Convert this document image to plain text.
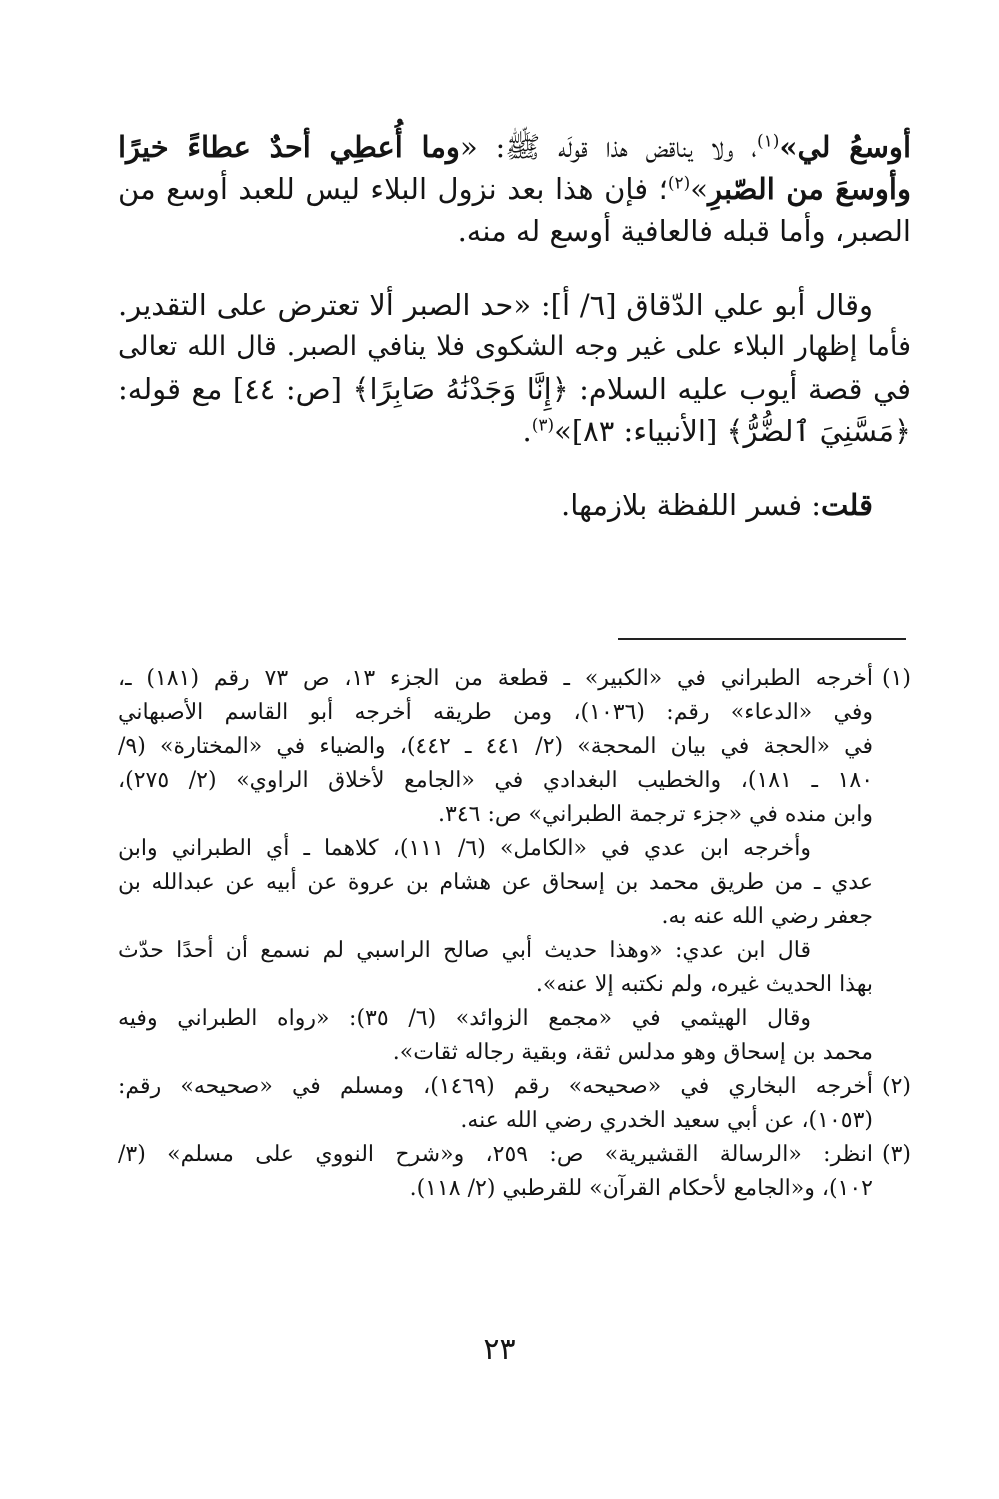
أوسعُ لي»$^{(١)}$، ولا يناقض هذا قولَه ﷺ: «وما أُعطِي أحدٌ عطاءً خيرًا
وأوسعَ من الصّبرِ»$^{(٢)}$؛ فإن هذا بعد نزول البلاء ليس للعبد أوسع من
الصبر، وأما قبله فالعافية أوسع له منه.
وقال أبو علي الدّقاق [٦/ أ]: «حد الصبر ألا تعترض على التقدير.
فأما إظهار البلاء على غير وجه الشكوى فلا ينافي الصبر. قال الله تعالى
في قصة أيوب عليه السلام: ﴿إِنَّا وَجَدْنَٰهُ صَابِرًا﴾ [ص: ٤٤] مع قوله:
﴿مَسَّنِيَ ٱلضُّرُّ﴾ [الأنبياء: ٨٣]»$^{(٣)}$.
قلت: فسر اللفظة بلازمها.
(١)
أخرجه الطبراني في «الكبير» ـ قطعة من الجزء ١٣، ص ٧٣ رقم (١٨١) ـ،
وفي «الدعاء» رقم: (١٠٣٦)، ومن طريقه أخرجه أبو القاسم الأصبهاني
في «الحجة في بيان المحجة» (٢/ ٤٤١ ـ ٤٤٢)، والضياء في «المختارة» (٩/
١٨٠ ـ ١٨١)، والخطيب البغدادي في «الجامع لأخلاق الراوي» (٢/ ٢٧٥)،
وابن منده في «جزء ترجمة الطبراني» ص: ٣٤٦.
وأخرجه ابن عدي في «الكامل» (٦/ ١١١)، كلاهما ـ أي الطبراني وابن
عدي ـ من طريق محمد بن إسحاق عن هشام بن عروة عن أبيه عن عبدالله بن
جعفر رضي الله عنه به.
قال ابن عدي: «وهذا حديث أبي صالح الراسبي لم نسمع أن أحدًا حدّث
بهذا الحديث غيره، ولم نكتبه إلا عنه».
وقال الهيثمي في «مجمع الزوائد» (٦/ ٣٥): «رواه الطبراني وفيه
محمد بن إسحاق وهو مدلس ثقة، وبقية رجاله ثقات».
(٢)
أخرجه البخاري في «صحيحه» رقم (١٤٦٩)، ومسلم في «صحيحه» رقم:
(١٠٥٣)، عن أبي سعيد الخدري رضي الله عنه.
(٣)
انظر: «الرسالة القشيرية» ص: ٢٥٩، و«شرح النووي على مسلم» (٣/
١٠٢)، و«الجامع لأحكام القرآن» للقرطبي (٢/ ١١٨).
٢٣
